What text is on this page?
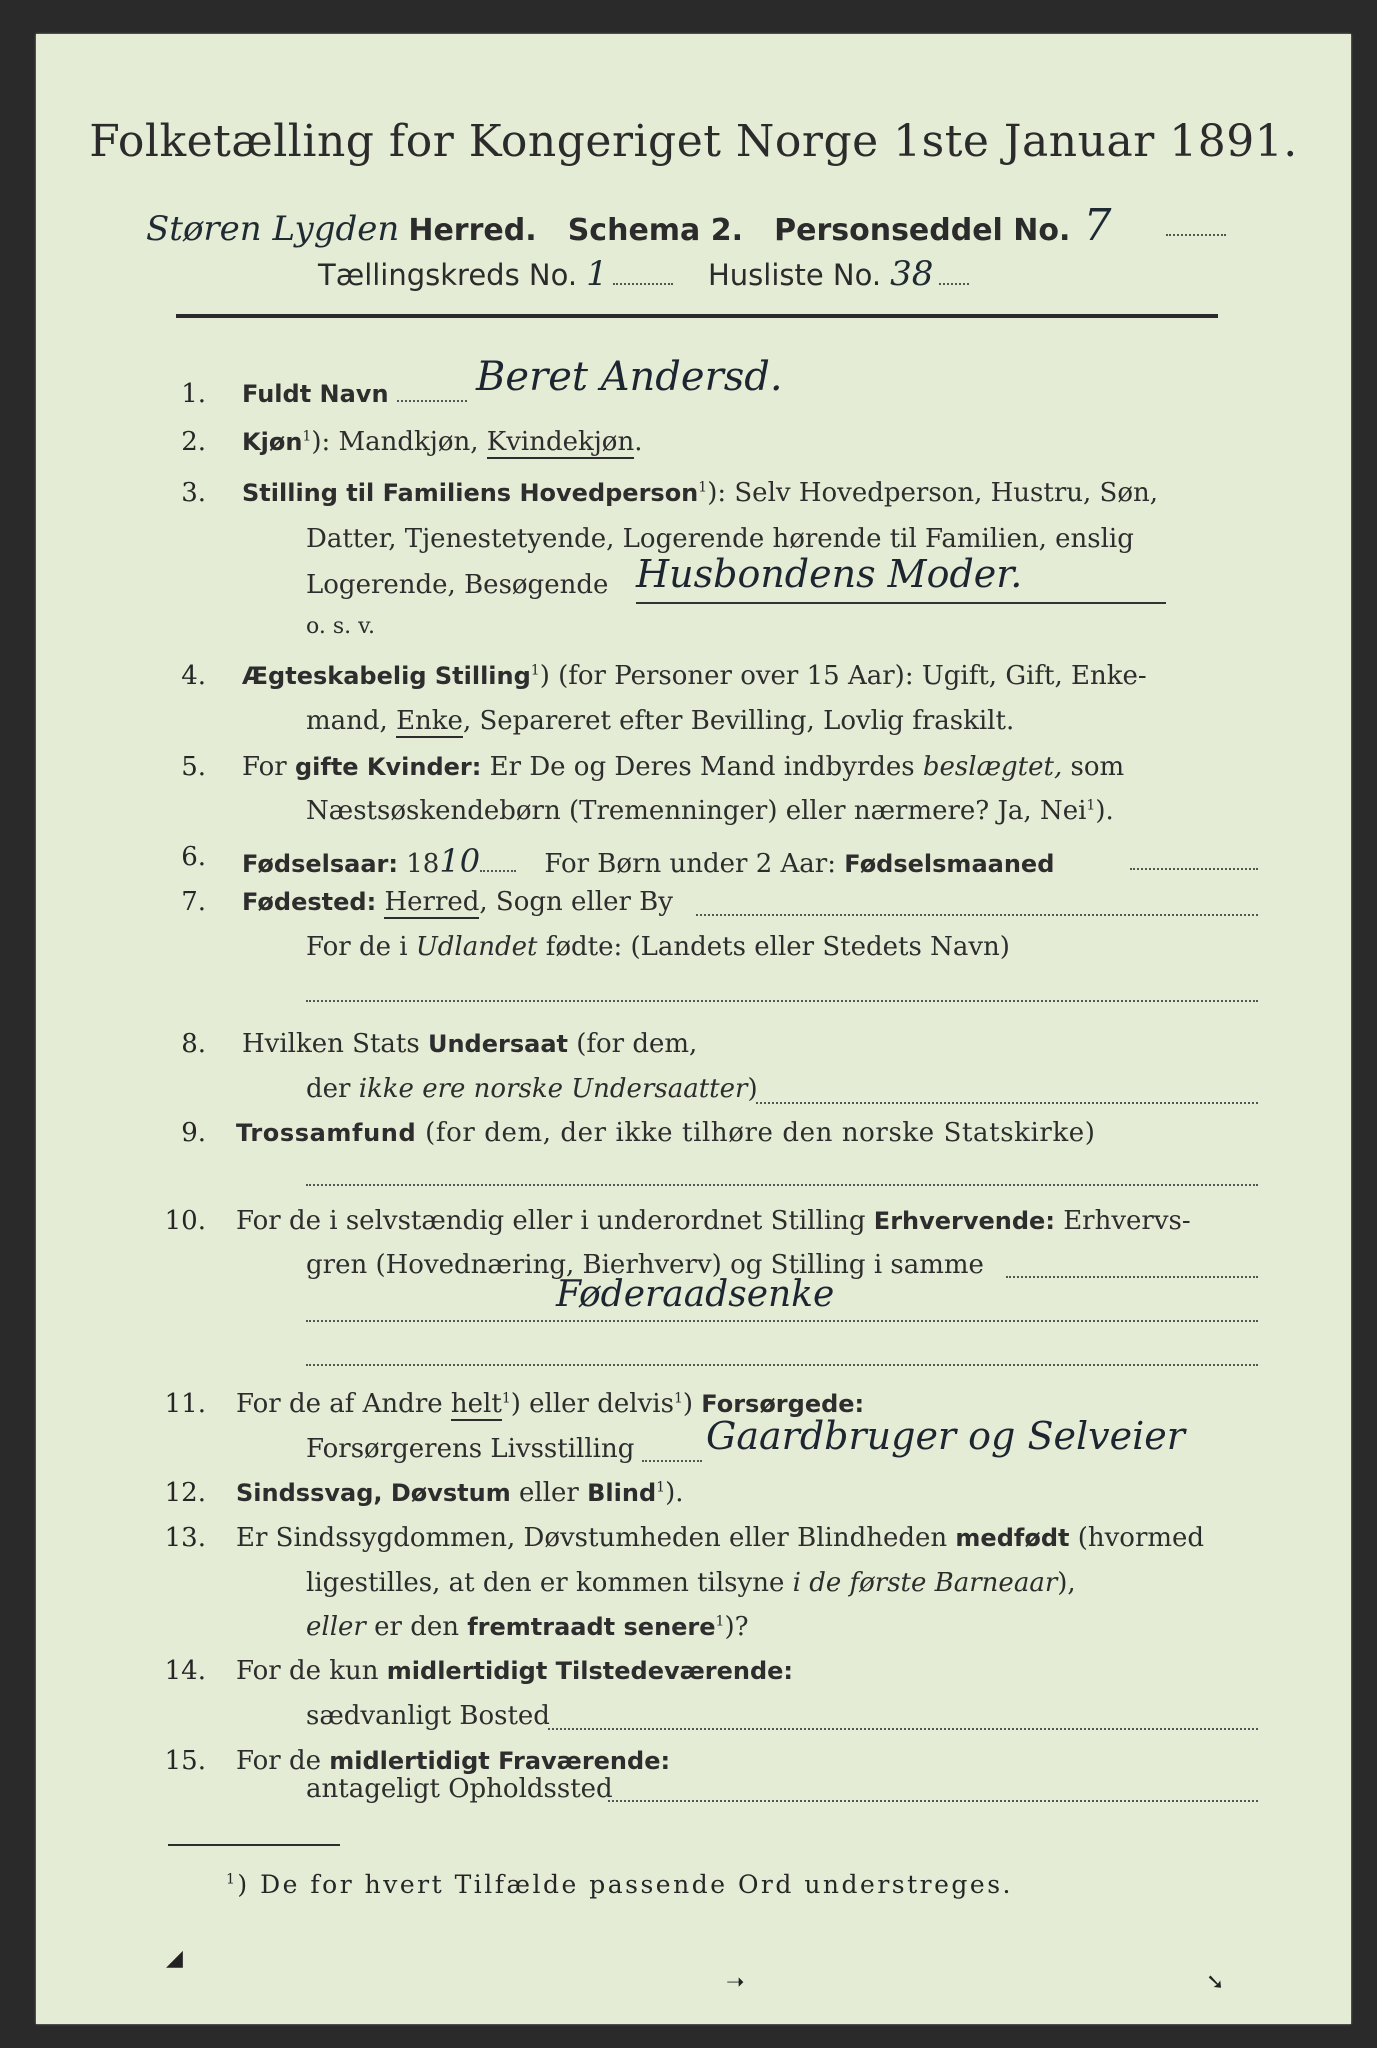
Folketælling for Kongeriget Norge 1ste Januar 1891.
Støren Lygden Herred. Schema 2. Personseddel No. 7
Tællingskreds No. 1	Husliste No. 38
1. Fuldt Navn	Beret Andersd.
2. Kjøn$^1$): Mandkjøn, Kvindekjøn.
3. Stilling til Familiens Hovedperson$^1$): Selv Hovedperson, Hustru, Søn,
Datter, Tjenestetyende, Logerende hørende til Familien, enslig
Logerende, Besøgende Husbondens Moder.
o. s. v.
4. Ægteskabelig Stilling$^1$) (for Personer over 15 Aar): Ugift, Gift, Enke-
mand, Enke, Separeret efter Bevilling, Lovlig fraskilt.
5. For gifte Kvinder: Er De og Deres Mand indbyrdes beslægtet, som
Næstsøskendebørn (Tremenninger) eller nærmere? Ja, Nei$^1$).
6. Fødselsaar: 1810 For Børn under 2 Aar: Fødselsmaaned
7. Fødested: Herred, Sogn eller By
For de i Udlandet fødte: (Landets eller Stedets Navn)
8. Hvilken Stats Undersaat (for dem,
der ikke ere norske Undersaatter)
9. Trossamfund (for dem, der ikke tilhøre den norske Statskirke)
10. For de i selvstændig eller i underordnet Stilling Erhvervende: Erhvervs-
gren (Hovednæring, Bierhverv) og Stilling i samme
Føderaadsenke
11. For de af Andre helt$^1$) eller delvis$^1$) Forsørgede:
Forsørgerens Livsstilling Gaardbruger og Selveier
12. Sindssvag, Døvstum eller Blind$^1$).
13. Er Sindssygdommen, Døvstumheden eller Blindheden medfødt (hvormed
ligestilles, at den er kommen tilsyne i de første Barneaar),
eller er den fremtraadt senere$^1$)?
14. For de kun midlertidigt Tilstedeværende:
sædvanligt Bosted
15. For de midlertidigt Fraværende:
antageligt Opholdssted
$^1$) De for hvert Tilfælde passende Ord understreges.
◢
➝	➘
